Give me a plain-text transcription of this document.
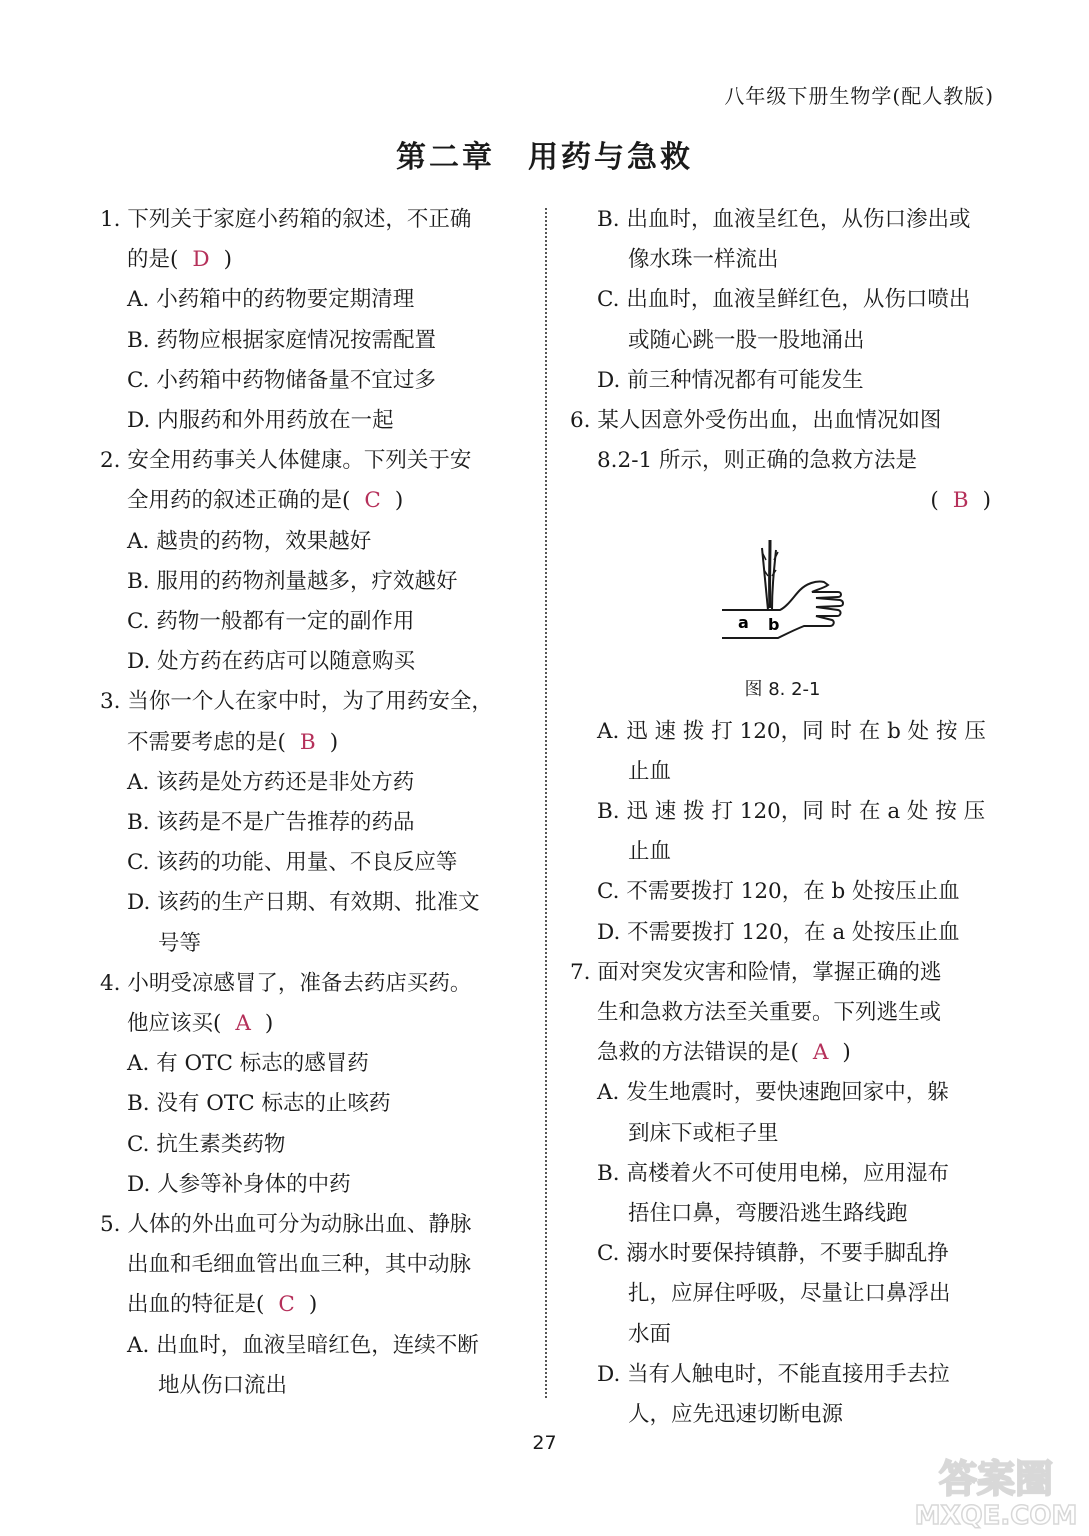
八年级下册生物学(配人教版)
第二章　用药与急救
1. 下列关于家庭小药箱的叙述，不正确
的是( D )
A. 小药箱中的药物要定期清理
B. 药物应根据家庭情况按需配置
C. 小药箱中药物储备量不宜过多
D. 内服药和外用药放在一起
2. 安全用药事关人体健康。下列关于安
全用药的叙述正确的是( C )
A. 越贵的药物，效果越好
B. 服用的药物剂量越多，疗效越好
C. 药物一般都有一定的副作用
D. 处方药在药店可以随意购买
3. 当你一个人在家中时，为了用药安全，
不需要考虑的是( B )
A. 该药是处方药还是非处方药
B. 该药是不是广告推荐的药品
C. 该药的功能、用量、不良反应等
D. 该药的生产日期、有效期、批准文
号等
4. 小明受凉感冒了，准备去药店买药。
他应该买( A )
A. 有 OTC 标志的感冒药
B. 没有 OTC 标志的止咳药
C. 抗生素类药物
D. 人参等补身体的中药
5. 人体的外出血可分为动脉出血、静脉
出血和毛细血管出血三种，其中动脉
出血的特征是( C )
A. 出血时，血液呈暗红色，连续不断
地从伤口流出
B. 出血时，血液呈红色，从伤口渗出或
像水珠一样流出
C. 出血时，血液呈鲜红色，从伤口喷出
或随心跳一股一股地涌出
D. 前三种情况都有可能发生
6. 某人因意外受伤出血，出血情况如图
8.2-1 所示，则正确的急救方法是
( B )
a b
图 8. 2-1
A. 迅 速 拨 打 120，同 时 在 b 处 按 压
止血
B. 迅 速 拨 打 120，同 时 在 a 处 按 压
止血
C. 不需要拨打 120，在 b 处按压止血
D. 不需要拨打 120，在 a 处按压止血
7. 面对突发灾害和险情，掌握正确的逃
生和急救方法至关重要。下列逃生或
急救的方法错误的是( A )
A. 发生地震时，要快速跑回家中，躲
到床下或柜子里
B. 高楼着火不可使用电梯，应用湿布
捂住口鼻，弯腰沿逃生路线跑
C. 溺水时要保持镇静，不要手脚乱挣
扎，应屏住呼吸，尽量让口鼻浮出
水面
D. 当有人触电时，不能直接用手去拉
人，应先迅速切断电源
27
答案圈
MXQE.COM
